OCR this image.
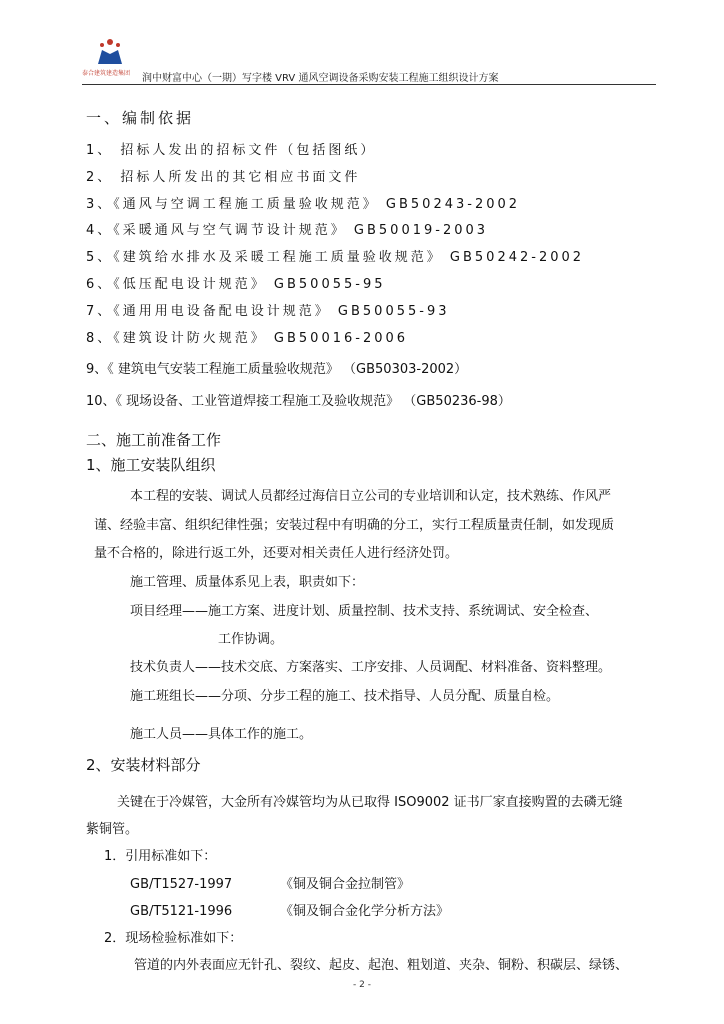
泰合建筑建造集团 润中财富中心（一期）写字楼 VRV 通风空调设备采购安装工程施工组织设计方案
一、编制依据
1、 招标人发出的招标文件（包括图纸）
2、 招标人所发出的其它相应书面文件
3、《通风与空调工程施工质量验收规范》 GB50243-2002
4、《采暖通风与空气调节设计规范》 GB50019-2003
5、《建筑给水排水及采暖工程施工质量验收规范》 GB50242-2002
6、《低压配电设计规范》 GB50055-95
7、《通用用电设备配电设计规范》 GB50055-93
8、《建筑设计防火规范》 GB50016-2006
9、《 建筑电气安装工程施工质量验收规范》 （GB50303-2002）
10、《 现场设备、工业管道焊接工程施工及验收规范》 （GB50236-98）
二、施工前准备工作
1、施工安装队组织
本工程的安装、调试人员都经过海信日立公司的专业培训和认定，技术熟练、作风严
谨、经验丰富、组织纪律性强；安装过程中有明确的分工，实行工程质量责任制，如发现质
量不合格的，除进行返工外，还要对相关责任人进行经济处罚。
施工管理、质量体系见上表，职责如下：
项目经理——施工方案、进度计划、质量控制、技术支持、系统调试、安全检查、
工作协调。
技术负责人——技术交底、方案落实、工序安排、人员调配、材料准备、资料整理。
施工班组长——分项、分步工程的施工、技术指导、人员分配、质量自检。
施工人员——具体工作的施工。
2、安装材料部分
关键在于冷媒管，大金所有冷媒管均为从已取得 ISO9002 证书厂家直接购置的去磷无缝
紫铜管。
1．引用标准如下：
GB/T1527-1997	《铜及铜合金拉制管》
GB/T5121-1996	《铜及铜合金化学分析方法》
2．现场检验标准如下：
管道的内外表面应无针孔、裂纹、起皮、起泡、粗划道、夹杂、铜粉、积碳层、绿锈、
- 2 -
